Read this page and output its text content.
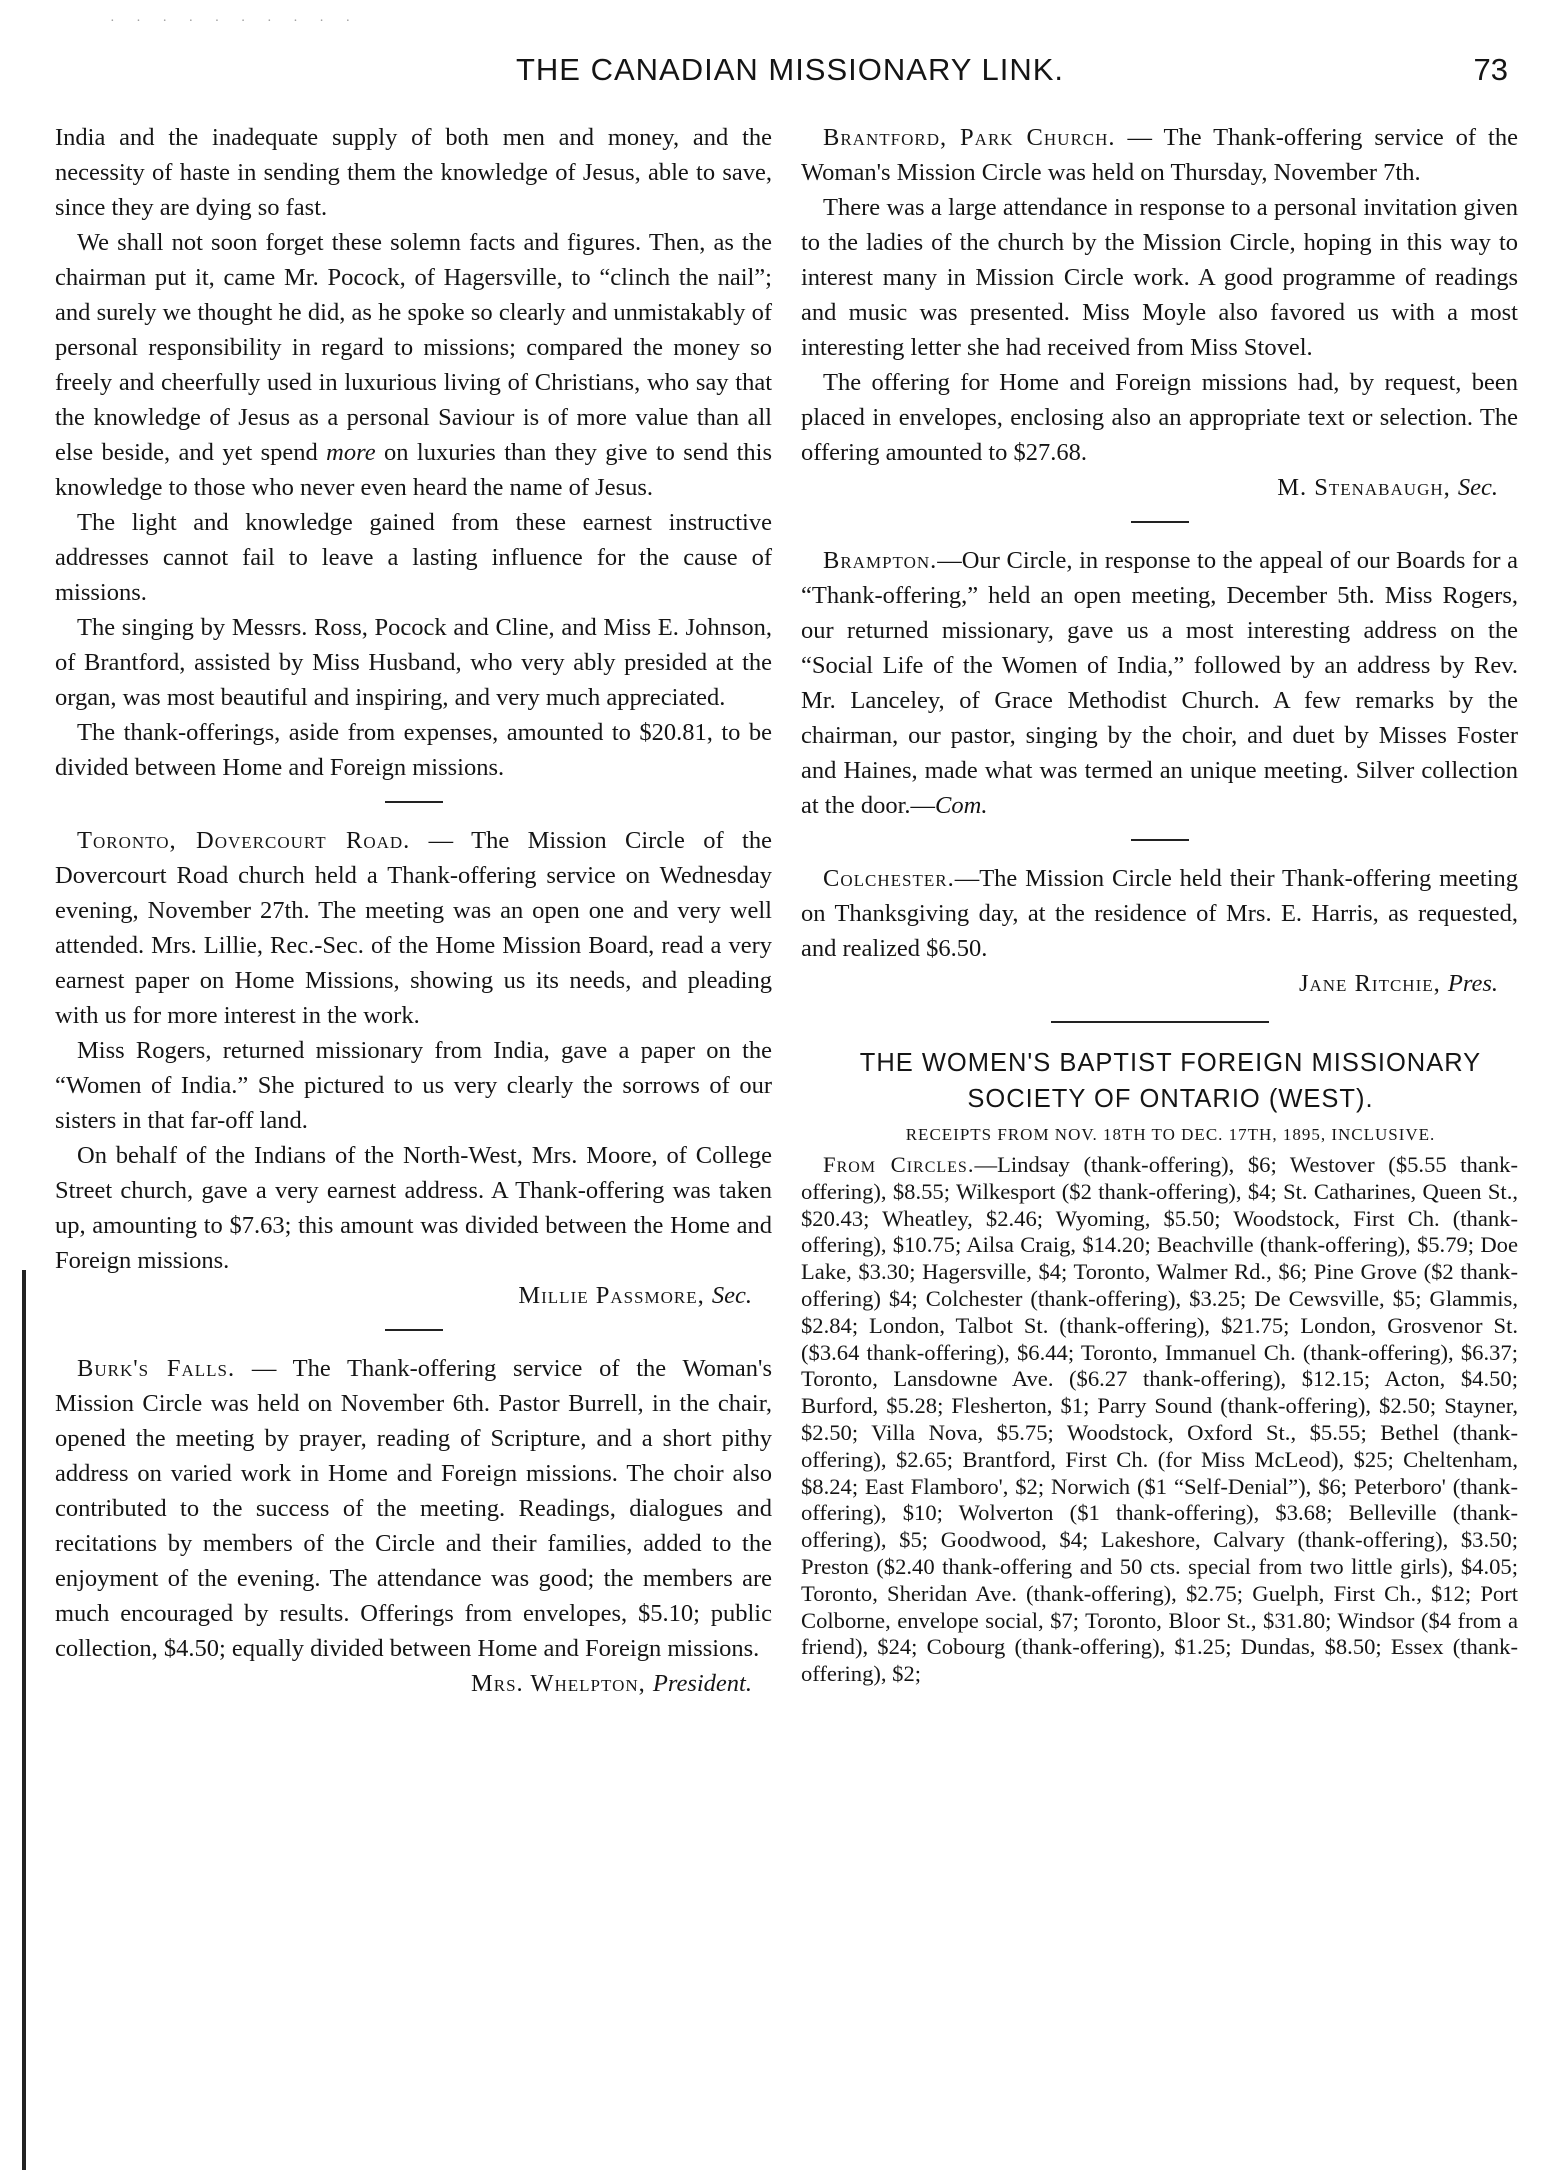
· · · · · · · · · ·
THE CANADIAN MISSIONARY LINK.	73

India and the inadequate supply of both men and money, and the necessity of haste in sending them the knowledge of Jesus, able to save, since they are dying so fast.

We shall not soon forget these solemn facts and figures. Then, as the chairman put it, came Mr. Pocock, of Hagersville, to “clinch the nail”; and surely we thought he did, as he spoke so clearly and unmistakably of personal responsibility in regard to missions; compared the money so freely and cheerfully used in luxurious living of Christians, who say that the knowledge of Jesus as a personal Saviour is of more value than all else beside, and yet spend more on luxuries than they give to send this knowledge to those who never even heard the name of Jesus.

The light and knowledge gained from these earnest instructive addresses cannot fail to leave a lasting influence for the cause of missions.

The singing by Messrs. Ross, Pocock and Cline, and Miss E. Johnson, of Brantford, assisted by Miss Husband, who very ably presided at the organ, was most beautiful and inspiring, and very much appreciated.

The thank-offerings, aside from expenses, amounted to $20.81, to be divided between Home and Foreign missions.

Toronto, Dovercourt Road. — The Mission Circle of the Dovercourt Road church held a Thank-offering service on Wednesday evening, November 27th. The meeting was an open one and very well attended. Mrs. Lillie, Rec.-Sec. of the Home Mission Board, read a very earnest paper on Home Missions, showing us its needs, and pleading with us for more interest in the work.

Miss Rogers, returned missionary from India, gave a paper on the “Women of India.” She pictured to us very clearly the sorrows of our sisters in that far-off land.

On behalf of the Indians of the North-West, Mrs. Moore, of College Street church, gave a very earnest address. A Thank-offering was taken up, amounting to $7.63; this amount was divided between the Home and Foreign missions.

Millie Passmore, Sec.

Burk's Falls. — The Thank-offering service of the Woman's Mission Circle was held on November 6th. Pastor Burrell, in the chair, opened the meeting by prayer, reading of Scripture, and a short pithy address on varied work in Home and Foreign missions. The choir also contributed to the success of the meeting. Readings, dialogues and recitations by members of the Circle and their families, added to the enjoyment of the evening. The attendance was good; the members are much encouraged by results. Offerings from envelopes, $5.10; public collection, $4.50; equally divided between Home and Foreign missions.

Mrs. Whelpton, President.

Brantford, Park Church. — The Thank-offering service of the Woman's Mission Circle was held on Thursday, November 7th.

There was a large attendance in response to a personal invitation given to the ladies of the church by the Mission Circle, hoping in this way to interest many in Mission Circle work. A good programme of readings and music was presented. Miss Moyle also favored us with a most interesting letter she had received from Miss Stovel.

The offering for Home and Foreign missions had, by request, been placed in envelopes, enclosing also an appropriate text or selection. The offering amounted to $27.68.

M. Stenabaugh, Sec.

Brampton.—Our Circle, in response to the appeal of our Boards for a “Thank-offering,” held an open meeting, December 5th. Miss Rogers, our returned missionary, gave us a most interesting address on the “Social Life of the Women of India,” followed by an address by Rev. Mr. Lanceley, of Grace Methodist Church. A few remarks by the chairman, our pastor, singing by the choir, and duet by Misses Foster and Haines, made what was termed an unique meeting. Silver collection at the door.—Com.

Colchester.—The Mission Circle held their Thank-offering meeting on Thanksgiving day, at the residence of Mrs. E. Harris, as requested, and realized $6.50.

Jane Ritchie, Pres.

THE WOMEN'S BAPTIST FOREIGN MISSIONARY

SOCIETY OF ONTARIO (WEST).

RECEIPTS FROM NOV. 18TH TO DEC. 17TH, 1895, INCLUSIVE.

From Circles.—Lindsay (thank-offering), $6; Westover ($5.55 thank-offering), $8.55; Wilkesport ($2 thank-offering), $4; St. Catharines, Queen St., $20.43; Wheatley, $2.46; Wyoming, $5.50; Woodstock, First Ch. (thank-offering), $10.75; Ailsa Craig, $14.20; Beachville (thank-offering), $5.79; Doe Lake, $3.30; Hagersville, $4; Toronto, Walmer Rd., $6; Pine Grove ($2 thank-offering) $4; Colchester (thank-offering), $3.25; De Cewsville, $5; Glammis, $2.84; London, Talbot St. (thank-offering), $21.75; London, Grosvenor St. ($3.64 thank-offering), $6.44; Toronto, Immanuel Ch. (thank-offering), $6.37; Toronto, Lansdowne Ave. ($6.27 thank-offering), $12.15; Acton, $4.50; Burford, $5.28; Flesherton, $1; Parry Sound (thank-offering), $2.50; Stayner, $2.50; Villa Nova, $5.75; Woodstock, Oxford St., $5.55; Bethel (thank-offering), $2.65; Brantford, First Ch. (for Miss McLeod), $25; Cheltenham, $8.24; East Flamboro', $2; Norwich ($1 “Self-Denial”), $6; Peterboro' (thank-offering), $10; Wolverton ($1 thank-offering), $3.68; Belleville (thank-offering), $5; Goodwood, $4; Lakeshore, Calvary (thank-offering), $3.50; Preston ($2.40 thank-offering and 50 cts. special from two little girls), $4.05; Toronto, Sheridan Ave. (thank-offering), $2.75; Guelph, First Ch., $12; Port Colborne, envelope social, $7; Toronto, Bloor St., $31.80; Windsor ($4 from a friend), $24; Cobourg (thank-offering), $1.25; Dundas, $8.50; Essex (thank-offering), $2;
